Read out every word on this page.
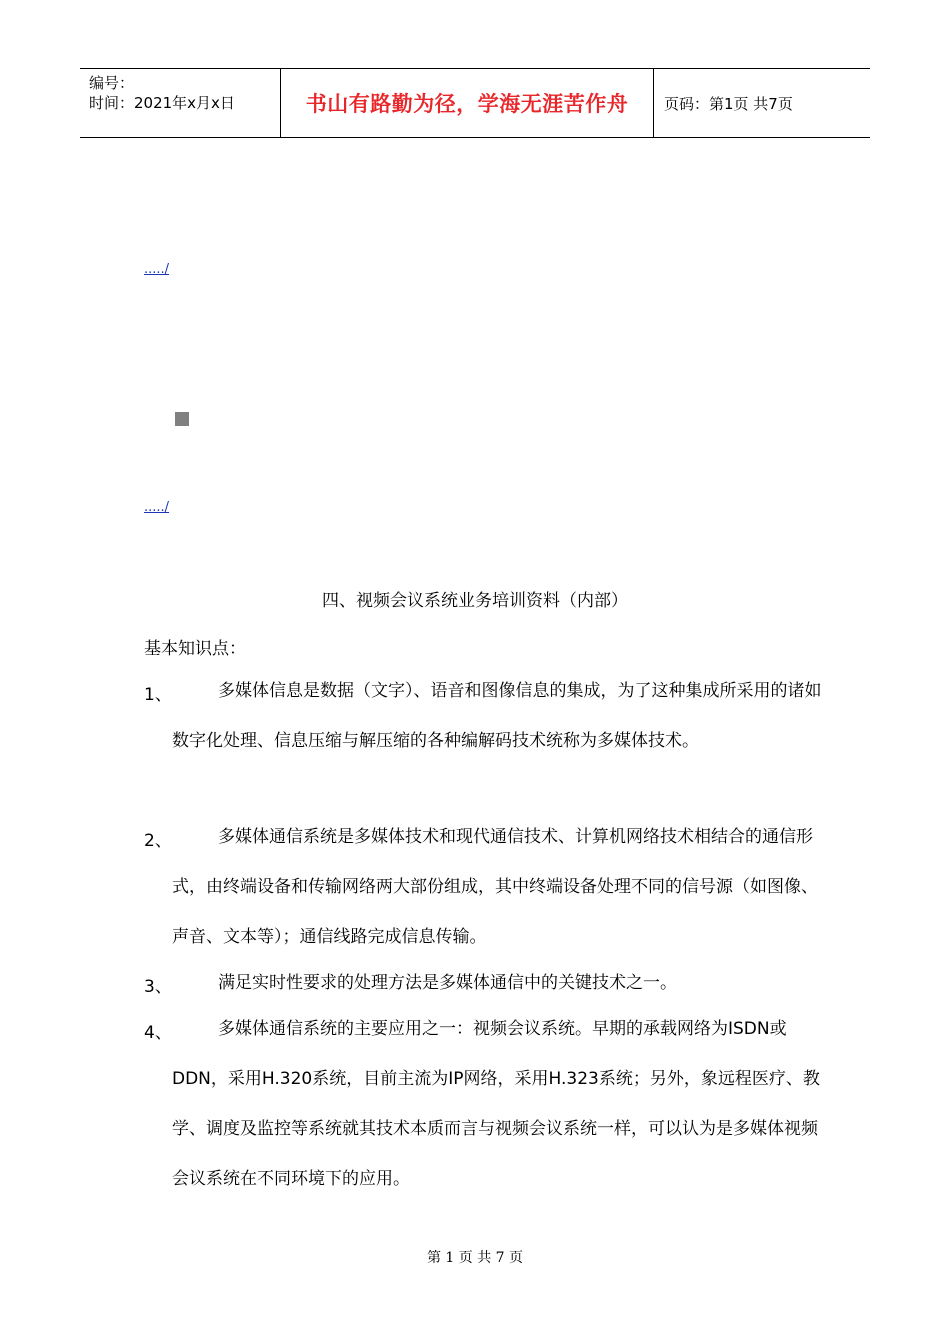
编号：
时间：2021年x月x日	书山有路勤为径，学海无涯苦作舟	页码：第1页 共7页
...../
...../
四、视频会议系统业务培训资料（内部）
基本知识点：
1、	多媒体信息是数据（文字）、语音和图像信息的集成，为了这种集成所采用的诸如数字化处理、信息压缩与解压缩的各种编解码技术统称为多媒体技术。
2、	多媒体通信系统是多媒体技术和现代通信技术、计算机网络技术相结合的通信形式，由终端设备和传输网络两大部份组成，其中终端设备处理不同的信号源（如图像、声音、文本等）；通信线路完成信息传输。
3、	满足实时性要求的处理方法是多媒体通信中的关键技术之一。
4、	多媒体通信系统的主要应用之一：视频会议系统。早期的承载网络为ISDN或DDN，采用H.320系统，目前主流为IP网络，采用H.323系统；另外，象远程医疗、教学、调度及监控等系统就其技术本质而言与视频会议系统一样，可以认为是多媒体视频会议系统在不同环境下的应用。
第 1 页 共 7 页
